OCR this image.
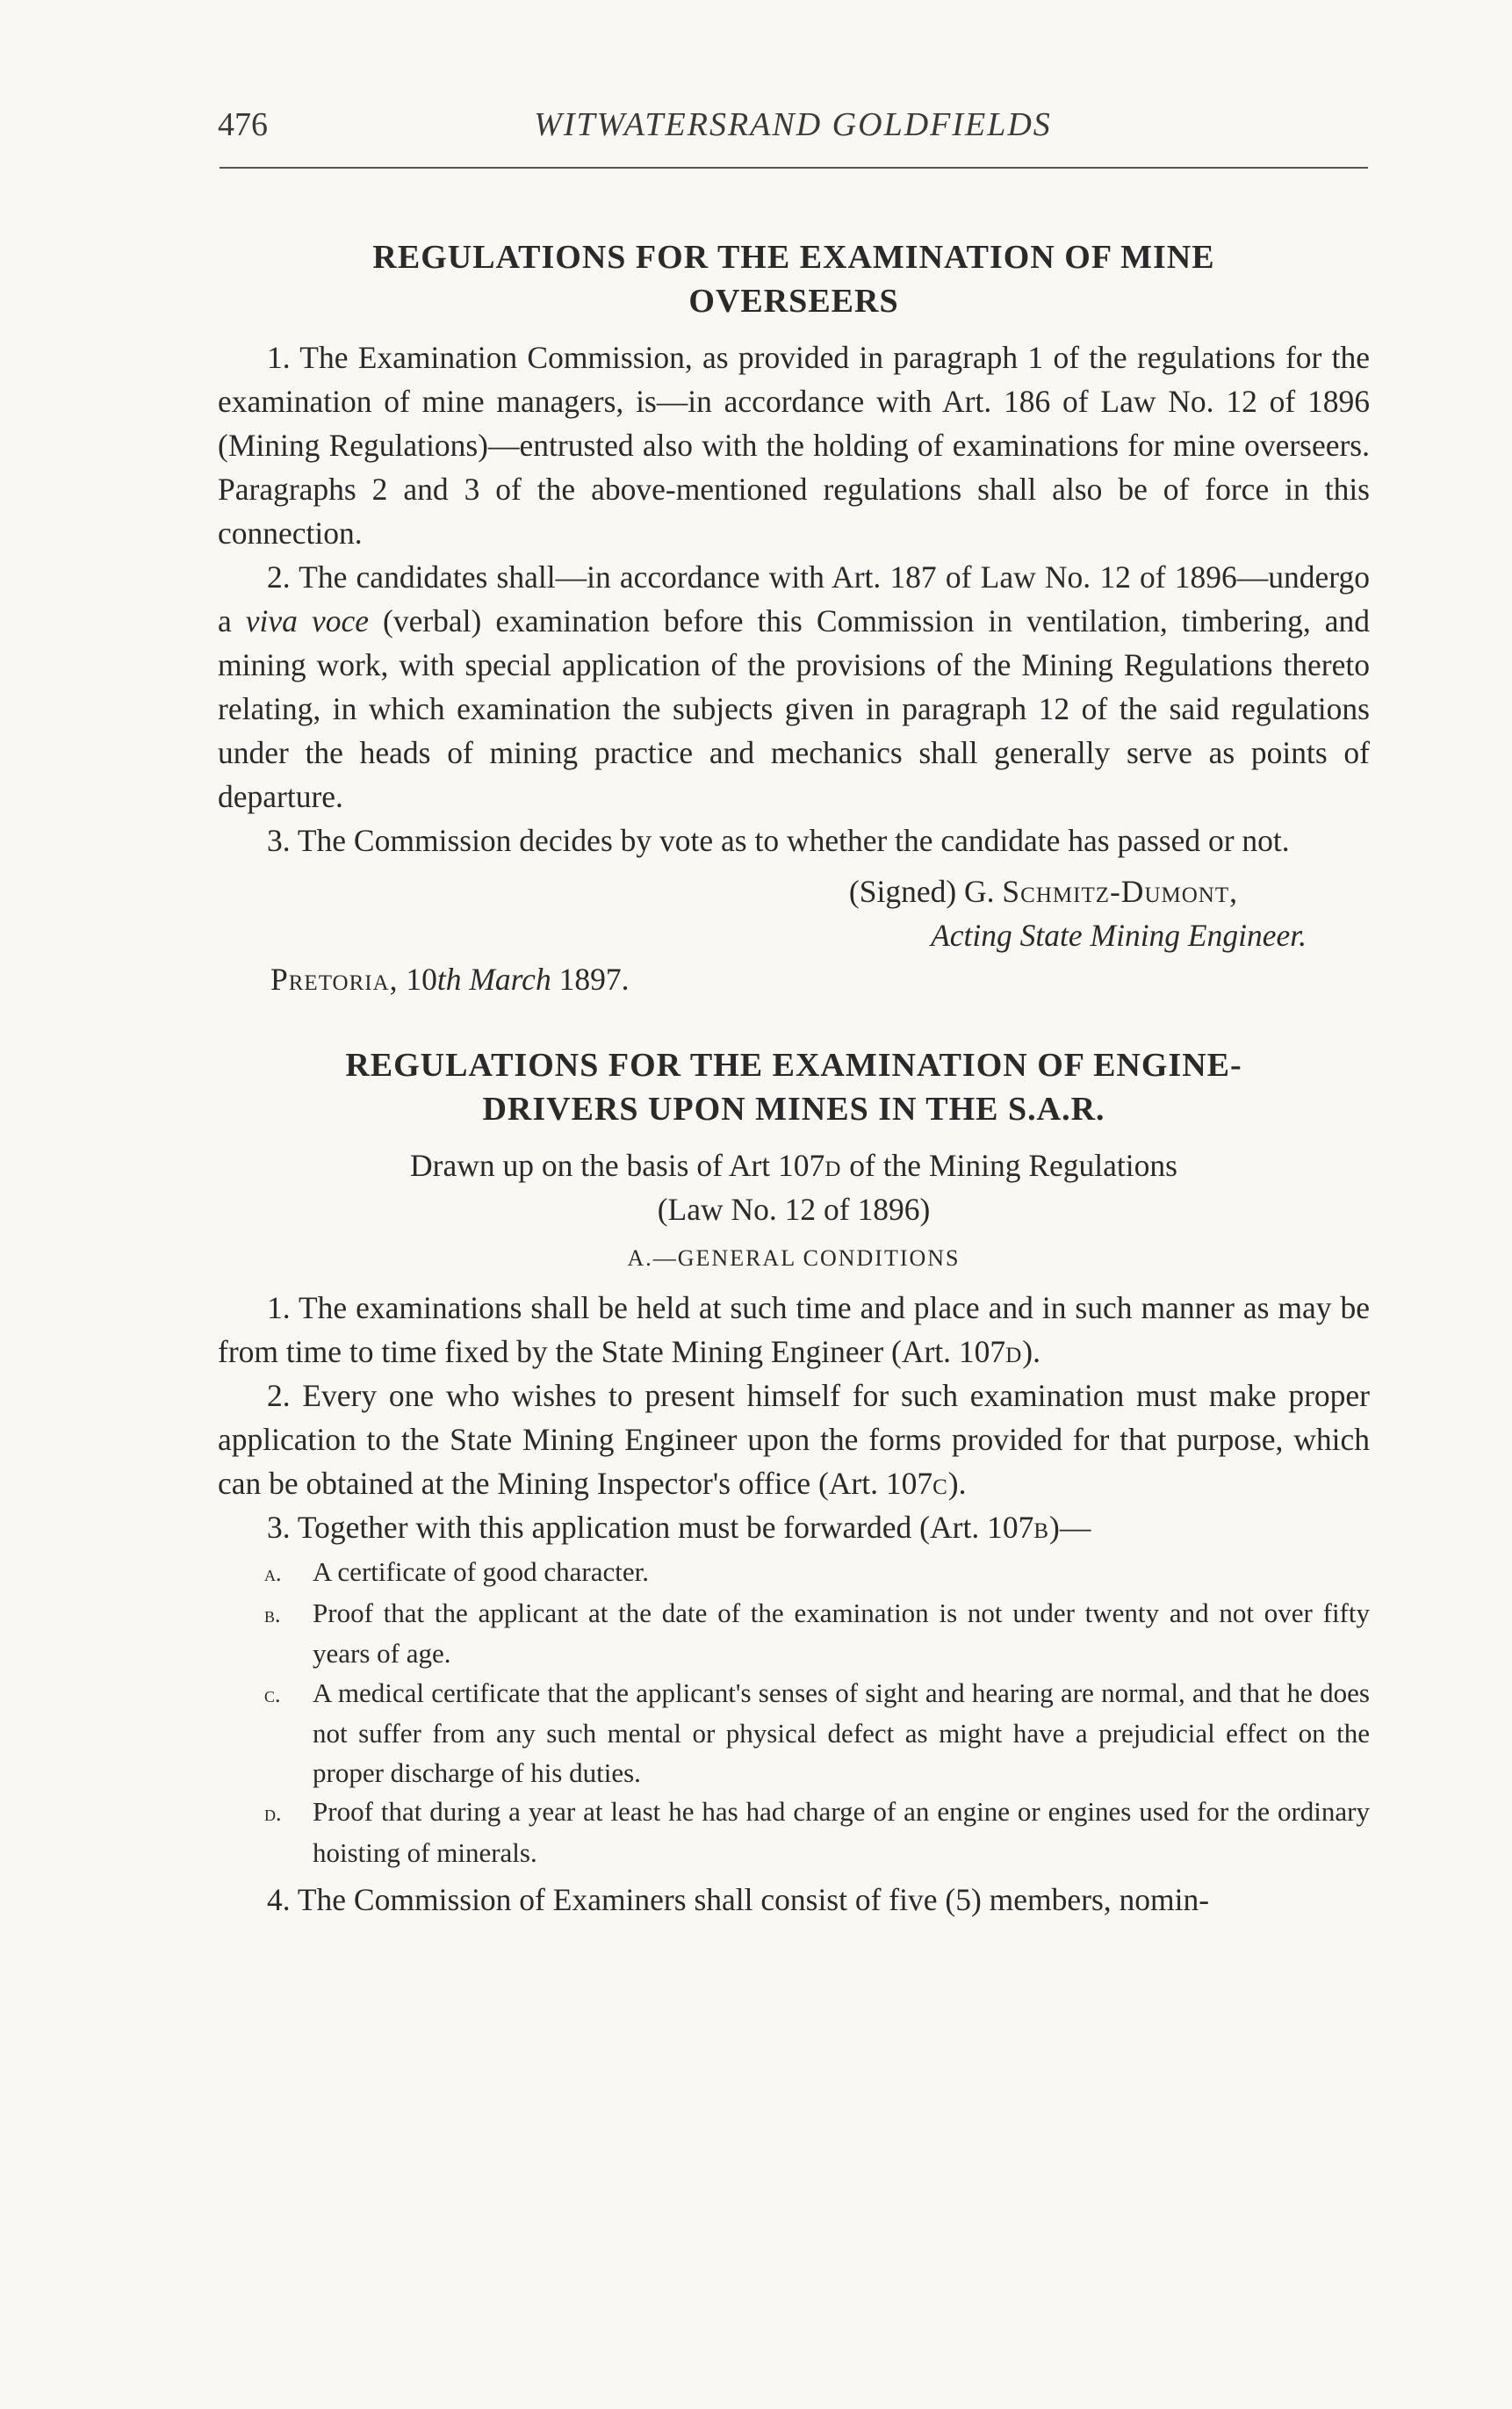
476	WITWATERSRAND GOLDFIELDS
REGULATIONS FOR THE EXAMINATION OF MINE
OVERSEERS

1. The Examination Commission, as provided in paragraph 1 of the regulations for the examination of mine managers, is—in accordance with Art. 186 of Law No. 12 of 1896 (Mining Regulations)—entrusted also with the holding of examinations for mine overseers. Paragraphs 2 and 3 of the above-mentioned regulations shall also be of force in this connection.

2. The candidates shall—in accordance with Art. 187 of Law No. 12 of 1896—undergo a viva voce (verbal) examination before this Commission in ventilation, timbering, and mining work, with special application of the provisions of the Mining Regulations thereto relating, in which examination the subjects given in paragraph 12 of the said regulations under the heads of mining practice and mechanics shall generally serve as points of departure.

3. The Commission decides by vote as to whether the candidate has passed or not.

(Signed) G. Schmitz-Dumont,

Acting State Mining Engineer.

Pretoria, 10th March 1897.

REGULATIONS FOR THE EXAMINATION OF ENGINE-
DRIVERS UPON MINES IN THE S.A.R.

Drawn up on the basis of Art 107d of the Mining Regulations
(Law No. 12 of 1896)

A.—GENERAL CONDITIONS

1. The examinations shall be held at such time and place and in such manner as may be from time to time fixed by the State Mining Engineer (Art. 107d).

2. Every one who wishes to present himself for such examination must make proper application to the State Mining Engineer upon the forms provided for that purpose, which can be obtained at the Mining Inspector's office (Art. 107c).

3. Together with this application must be forwarded (Art. 107b)—

a. A certificate of good character.

b. Proof that the applicant at the date of the examination is not under twenty and not over fifty years of age.

c. A medical certificate that the applicant's senses of sight and hearing are normal, and that he does not suffer from any such mental or physical defect as might have a prejudicial effect on the proper discharge of his duties.

d. Proof that during a year at least he has had charge of an engine or engines used for the ordinary hoisting of minerals.

4. The Commission of Examiners shall consist of five (5) members, nomin-
